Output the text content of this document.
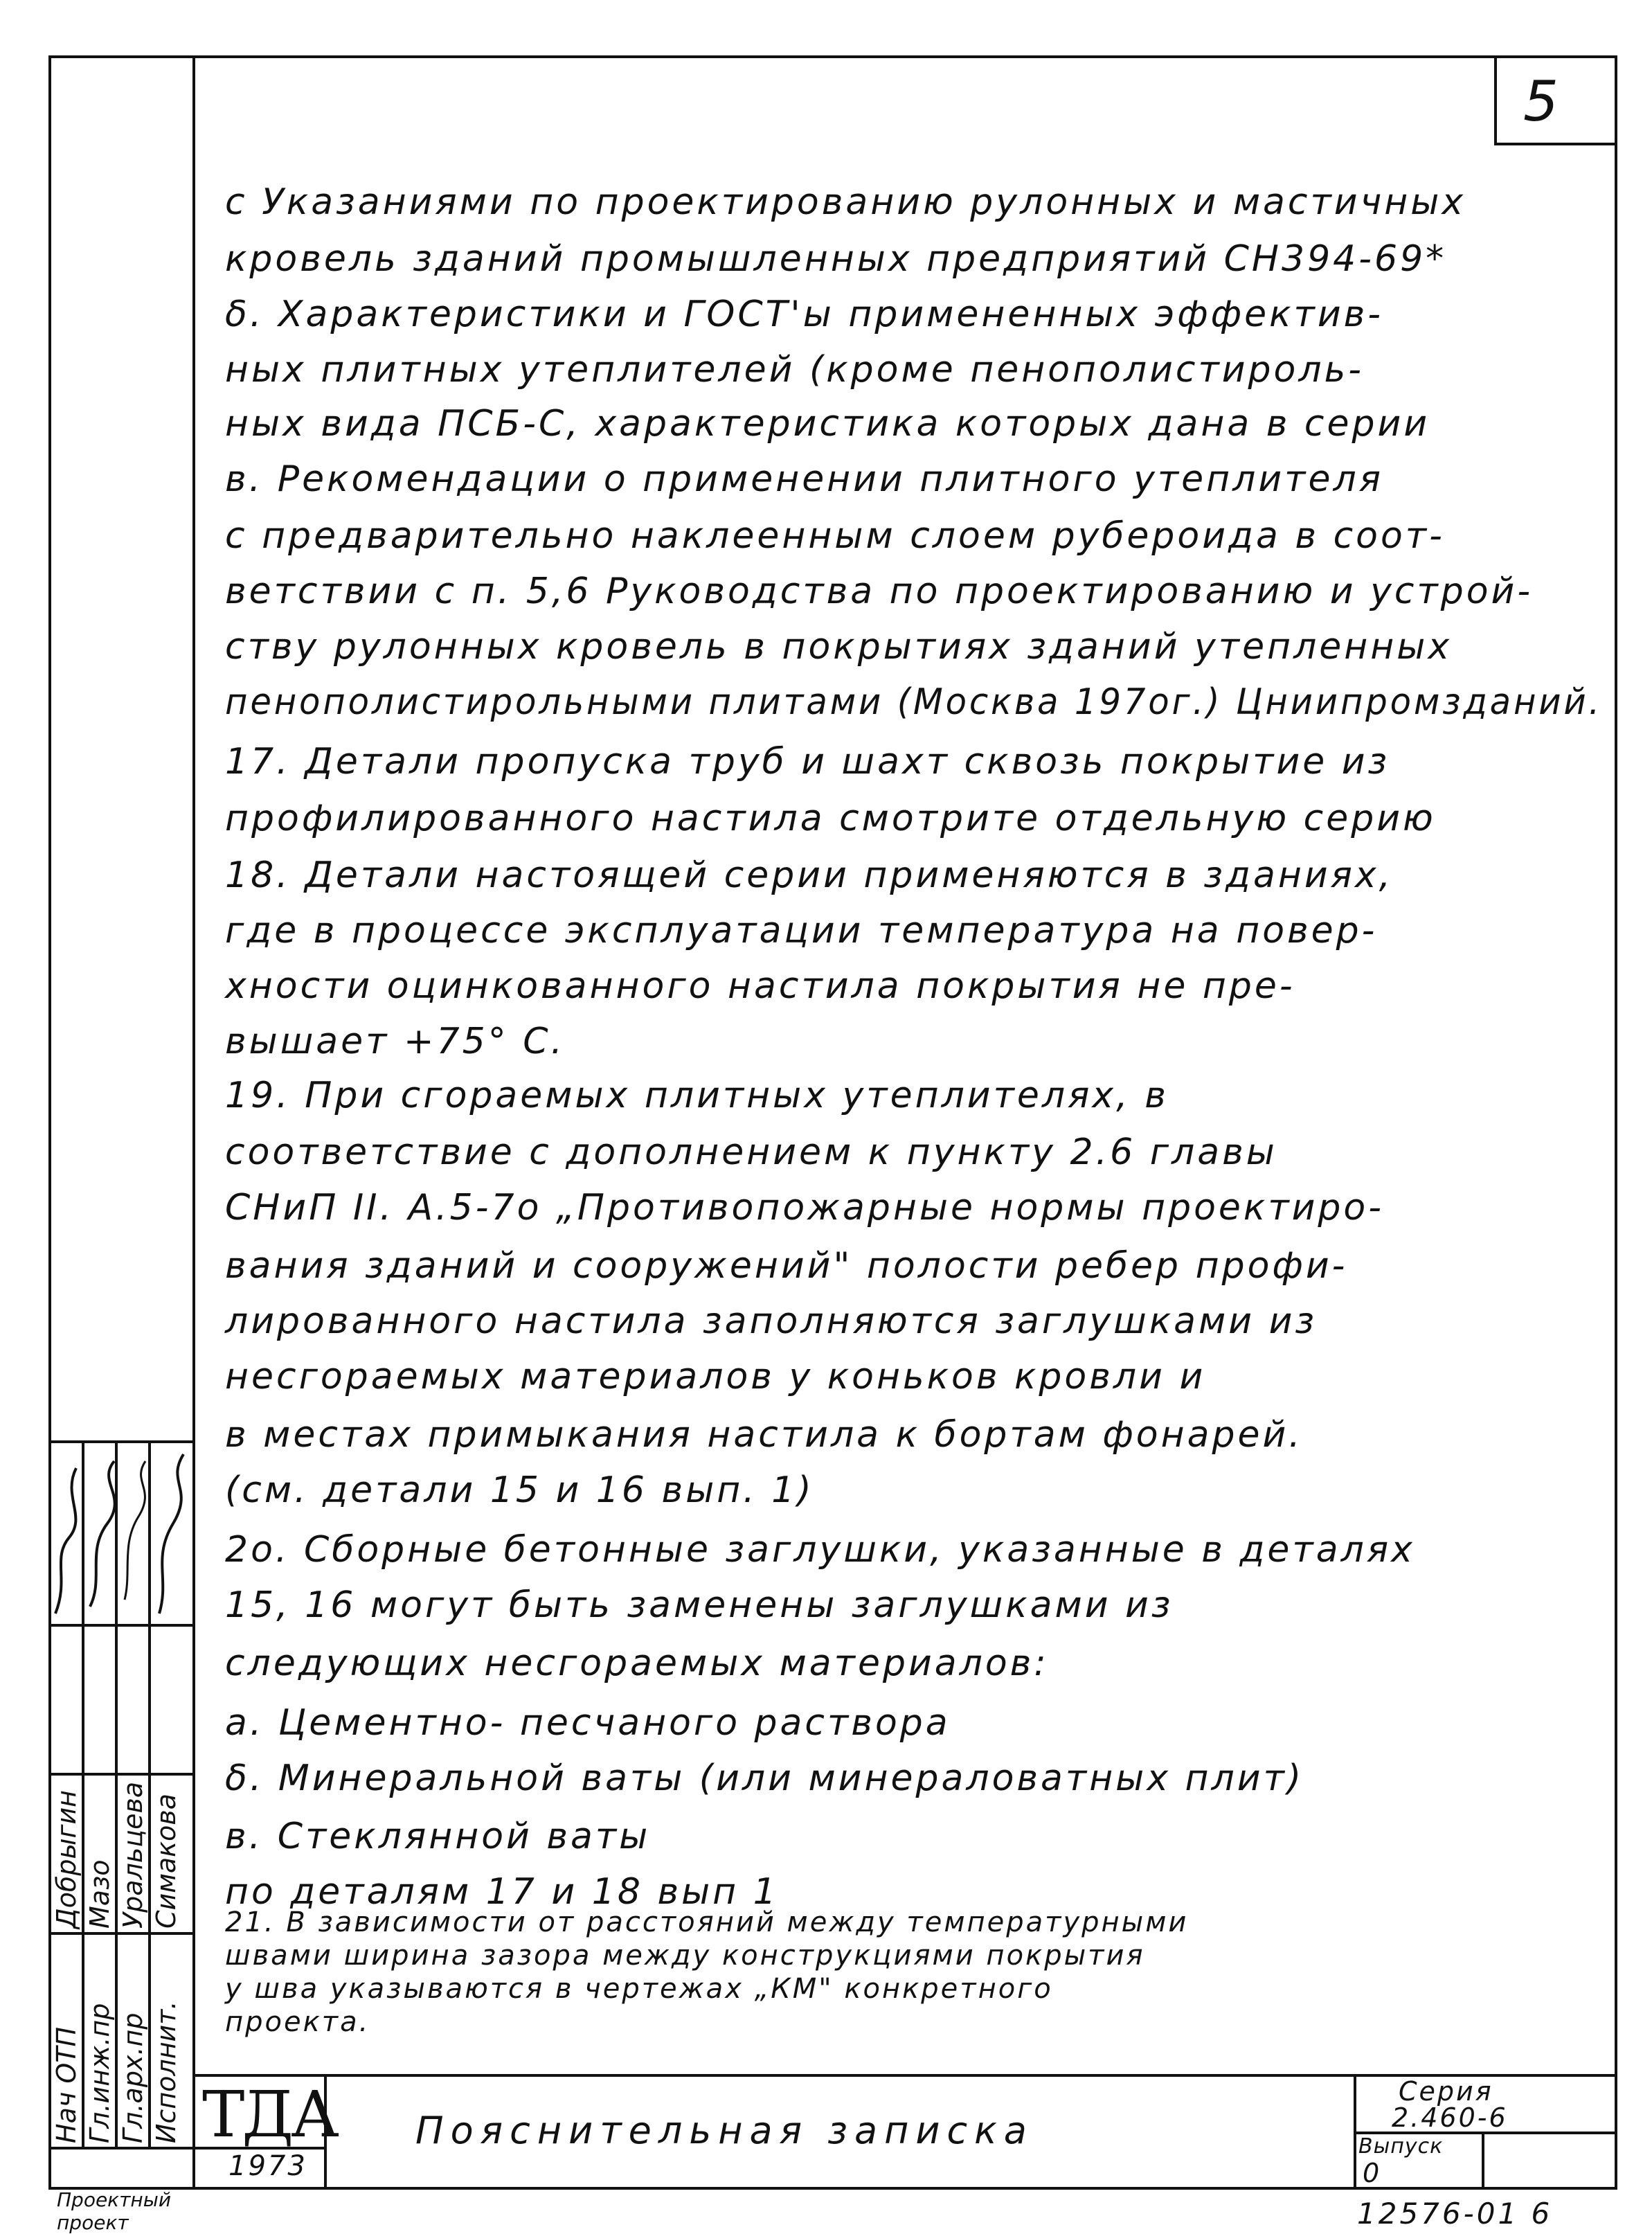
5
с Указаниями по проектированию рулонных и мастичных
кровель зданий промышленных предприятий СН394-69*
δ. Характеристики и ГОСТ'ы примененных эффектив-
ных плитных утеплителей (кроме пенополистироль-
ных вида ПСБ-С, характеристика которых дана в серии
в. Рекомендации о применении плитного утеплителя
с предварительно наклеенным слоем рубероида в соот-
ветствии с п. 5,6 Руководства по проектированию и устрой-
ству рулонных кровель в покрытиях зданий утепленных
пенополистирольными плитами (Москва 197ог.) Цниипромзданий.
17. Детали пропуска труб и шахт сквозь покрытие из
профилированного настила смотрите отдельную серию
18. Детали настоящей серии применяются в зданиях,
где в процессе эксплуатации температура на повер-
хности оцинкованного настила покрытия не пре-
вышает +75° С.
19. При сгораемых плитных утеплителях, в
соответствие с дополнением к пункту 2.6 главы
СНиП II. А.5-7о „Противопожарные нормы проектиро-
вания зданий и сооружений" полости ребер профи-
лированного настила заполняются заглушками из
несгораемых материалов у коньков кровли и
в местах примыкания настила к бортам фонарей.
(см. детали 15 и 16 вып. 1)
2о. Сборные бетонные заглушки, указанные в деталях
15, 16 могут быть заменены заглушками из
следующих несгораемых материалов:
а. Цементно- песчаного раствора
δ. Минеральной ваты (или минераловатных плит)
в. Стеклянной ваты
по деталям 17 и 18 вып 1
21. В зависимости от расстояний между температурными
швами ширина зазора между конструкциями покрытия
у шва указываются в чертежах „КМ" конкретного
проекта.
ТДА
1973
Пояснительная записка
Серия
2.460-6
Выпуск
0
Нач ОТП Гл.инж.пр Гл.арх.пр Исполнит.
Добрыгин Мазо Уральцева Симакова
Проектный проект	12576-01 6
